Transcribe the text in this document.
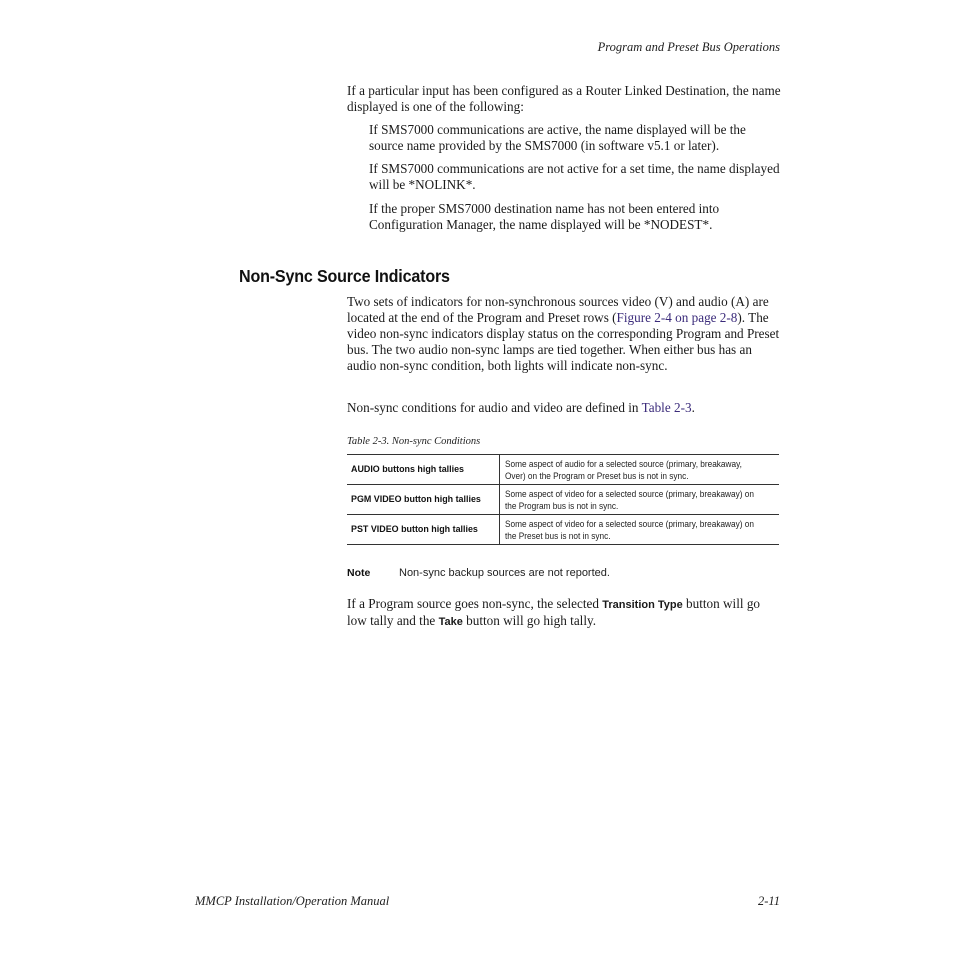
Program and Preset Bus Operations
If a particular input has been configured as a Router Linked Destination, the name displayed is one of the following:
If SMS7000 communications are active, the name displayed will be the source name provided by the SMS7000 (in software v5.1 or later).
If SMS7000 communications are not active for a set time, the name displayed will be *NOLINK*.
If the proper SMS7000 destination name has not been entered into Configuration Manager, the name displayed will be *NODEST*.
Non-Sync Source Indicators
Two sets of indicators for non-synchronous sources video (V) and audio (A) are located at the end of the Program and Preset rows (Figure 2-4 on page 2-8). The video non-sync indicators display status on the corresponding Program and Preset bus. The two audio non-sync lamps are tied together. When either bus has an audio non-sync condition, both lights will indicate non-sync.
Non-sync conditions for audio and video are defined in Table 2-3.
Table 2-3. Non-sync Conditions
AUDIO buttons high tallies	Some aspect of audio for a selected source (primary, breakaway, Over) on the Program or Preset bus is not in sync.
PGM VIDEO button high tallies	Some aspect of video for a selected source (primary, breakaway) on the Program bus is not in sync.
PST VIDEO button high tallies	Some aspect of video for a selected source (primary, breakaway) on the Preset bus is not in sync.
Note	Non-sync backup sources are not reported.
If a Program source goes non-sync, the selected Transition Type button will go low tally and the Take button will go high tally.
MMCP Installation/Operation Manual	2-11
